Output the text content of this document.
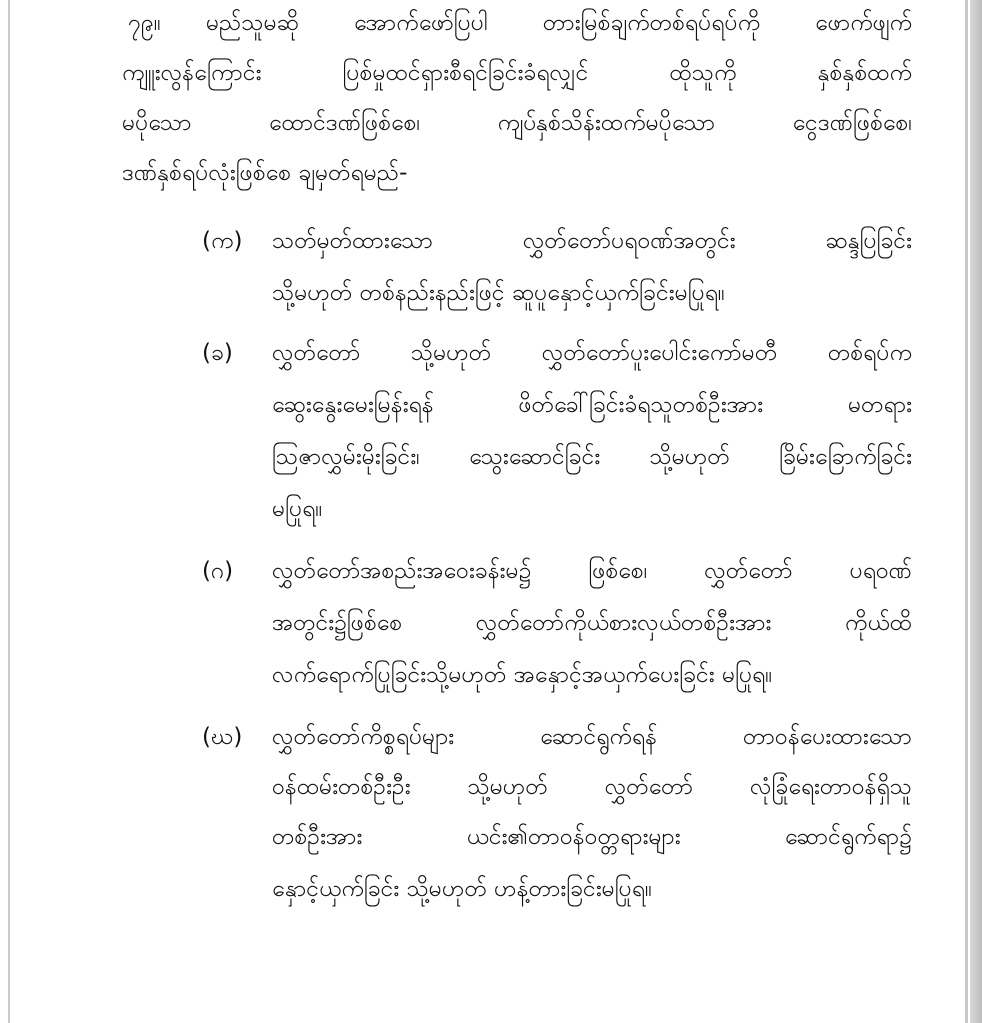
၇၉။ မည်သူမဆို အောက်ဖော်ပြပါ တားမြစ်ချက်တစ်ရပ်ရပ်ကို ဖောက်ဖျက်
ကျူးလွန်ကြောင်း ပြစ်မှုထင်ရှားစီရင်ခြင်းခံရလျှင် ထိုသူကို နှစ်နှစ်ထက်
မပိုသော ထောင်ဒဏ်ဖြစ်စေ၊ ကျပ်နှစ်သိန်းထက်မပိုသော ငွေဒဏ်ဖြစ်စေ၊
ဒဏ်နှစ်ရပ်လုံးဖြစ်စေ ချမှတ်ရမည်-
(က)	သတ်မှတ်ထားသော လွှတ်တော်ပရဝဏ်အတွင်း ဆန္ဒပြခြင်း
သို့မဟုတ် တစ်နည်းနည်းဖြင့် ဆူပူနှောင့်ယှက်ခြင်းမပြုရ။
(ခ)	လွှတ်တော် သို့မဟုတ် လွှတ်တော်ပူးပေါင်းကော်မတီ တစ်ရပ်က
ဆွေးနွေးမေးမြန်းရန် ဖိတ်ခေါ်ခြင်းခံရသူတစ်ဦးအား မတရား
သြဇာလွှမ်းမိုးခြင်း၊ သွေးဆောင်ခြင်း သို့မဟုတ် ခြိမ်းခြောက်ခြင်း
မပြုရ။
(ဂ)	လွှတ်တော်အစည်းအဝေးခန်းမ၌ ဖြစ်စေ၊ လွှတ်တော် ပရဝဏ်
အတွင်း၌ဖြစ်စေ လွှတ်တော်ကိုယ်စားလှယ်တစ်ဦးအား ကိုယ်ထိ
လက်ရောက်ပြုခြင်းသို့မဟုတ် အနှောင့်အယှက်ပေးခြင်း မပြုရ။
(ဃ)	လွှတ်တော်ကိစ္စရပ်များ ဆောင်ရွက်ရန် တာဝန်ပေးထားသော
ဝန်ထမ်းတစ်ဦးဦး သို့မဟုတ် လွှတ်တော် လုံခြုံရေးတာဝန်ရှိသူ
တစ်ဦးအား ယင်း၏တာဝန်ဝတ္တရားများ ဆောင်ရွက်ရာ၌
နှောင့်ယှက်ခြင်း သို့မဟုတ် ဟန့်တားခြင်းမပြုရ။
